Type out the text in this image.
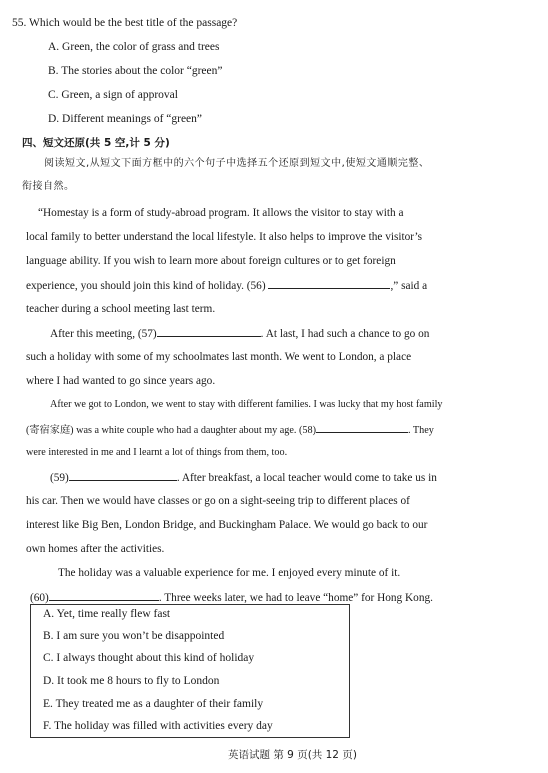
55. Which would be the best title of the passage?
A. Green, the color of grass and trees
B. The stories about the color “green”
C. Green, a sign of approval
D. Different meanings of “green”
四、短文还原(共 5 空,计 5 分)
阅读短文,从短文下面方框中的六个句子中选择五个还原到短文中,使短文通顺完整、
衔接自然。
“Homestay is a form of study-abroad program. It allows the visitor to stay with a
local family to better understand the local lifestyle. It also helps to improve the visitor’s
language ability. If you wish to learn more about foreign cultures or to get foreign
experience, you should join this kind of holiday. (56)	,” said a
teacher during a school meeting last term.
After this meeting, (57)	. At last, I had such a chance to go on
such a holiday with some of my schoolmates last month. We went to London, a place
where I had wanted to go since years ago.
After we got to London, we went to stay with different families. I was lucky that my host family
(寄宿家庭) was a white couple who had a daughter about my age. (58)	. They
were interested in me and I learnt a lot of things from them, too.
(59)	. After breakfast, a local teacher would come to take us in
his car. Then we would have classes or go on a sight-seeing trip to different places of
interest like Big Ben, London Bridge, and Buckingham Palace. We would go back to our
own homes after the activities.
The holiday was a valuable experience for me. I enjoyed every minute of it.
(60)	. Three weeks later, we had to leave “home” for Hong Kong.
A. Yet, time really flew fast
B. I am sure you won’t be disappointed
C. I always thought about this kind of holiday
D. It took me 8 hours to fly to London
E. They treated me as a daughter of their family
F. The holiday was filled with activities every day
英语试题 第 9 页(共 12 页)
